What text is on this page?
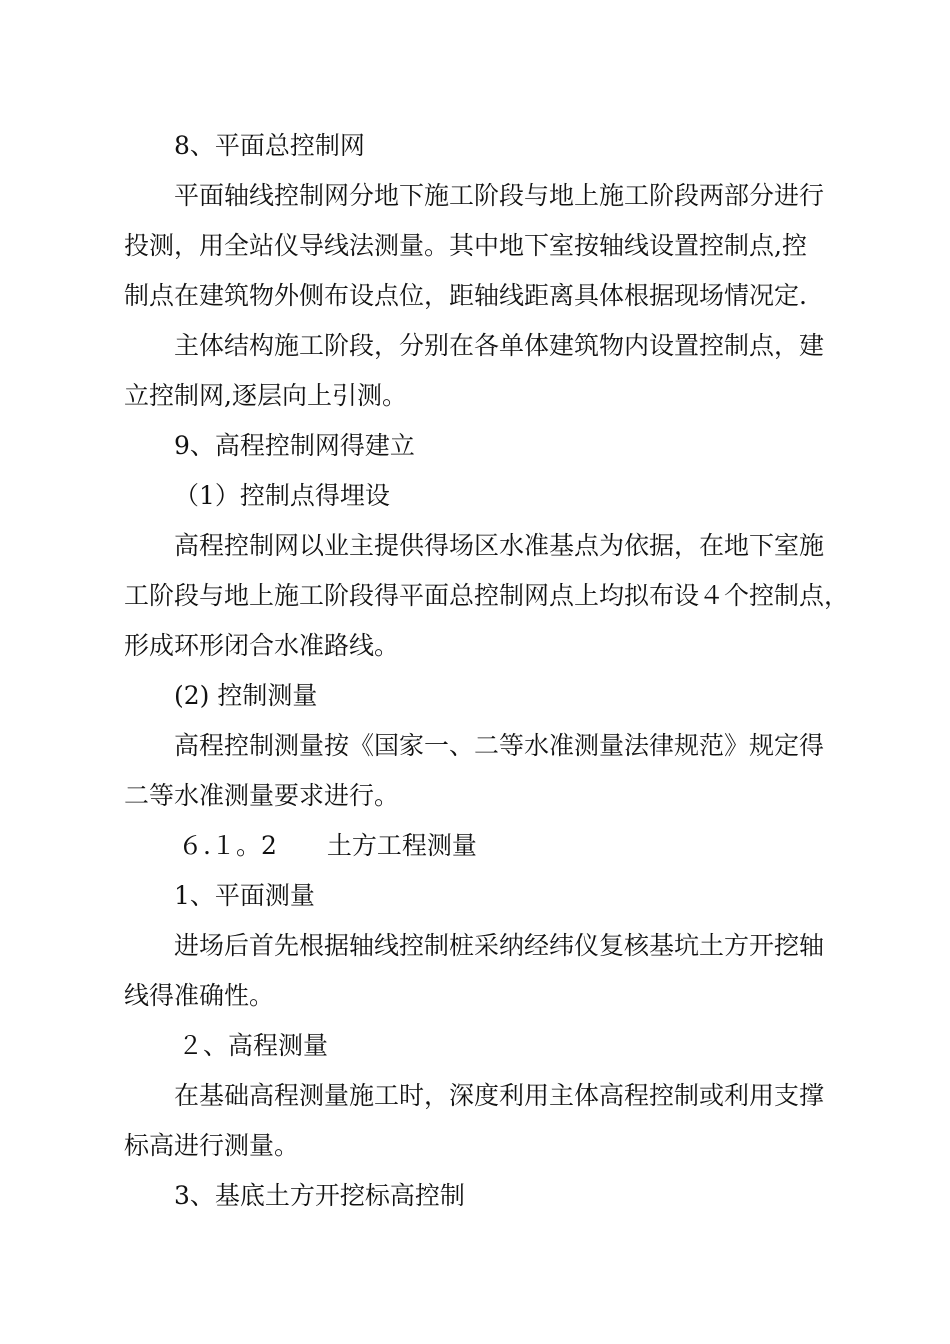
8、平面总控制网
平面轴线控制网分地下施工阶段与地上施工阶段两部分进行
投测，用全站仪导线法测量。其中地下室按轴线设置控制点,控
制点在建筑物外侧布设点位，距轴线距离具体根据现场情况定.
主体结构施工阶段，分别在各单体建筑物内设置控制点，建
立控制网,逐层向上引测。
9、高程控制网得建立
（1）控制点得埋设
高程控制网以业主提供得场区水准基点为依据，在地下室施
工阶段与地上施工阶段得平面总控制网点上均拟布设４个控制点，
形成环形闭合水准路线。
(2) 控制测量
高程控制测量按《国家一、二等水准测量法律规范》规定得
二等水准测量要求进行。
６.１。2　　土方工程测量
1、平面测量
进场后首先根据轴线控制桩采纳经纬仪复核基坑土方开挖轴
线得准确性。
２、高程测量
在基础高程测量施工时，深度利用主体高程控制或利用支撑
标高进行测量。
3、基底土方开挖标高控制
